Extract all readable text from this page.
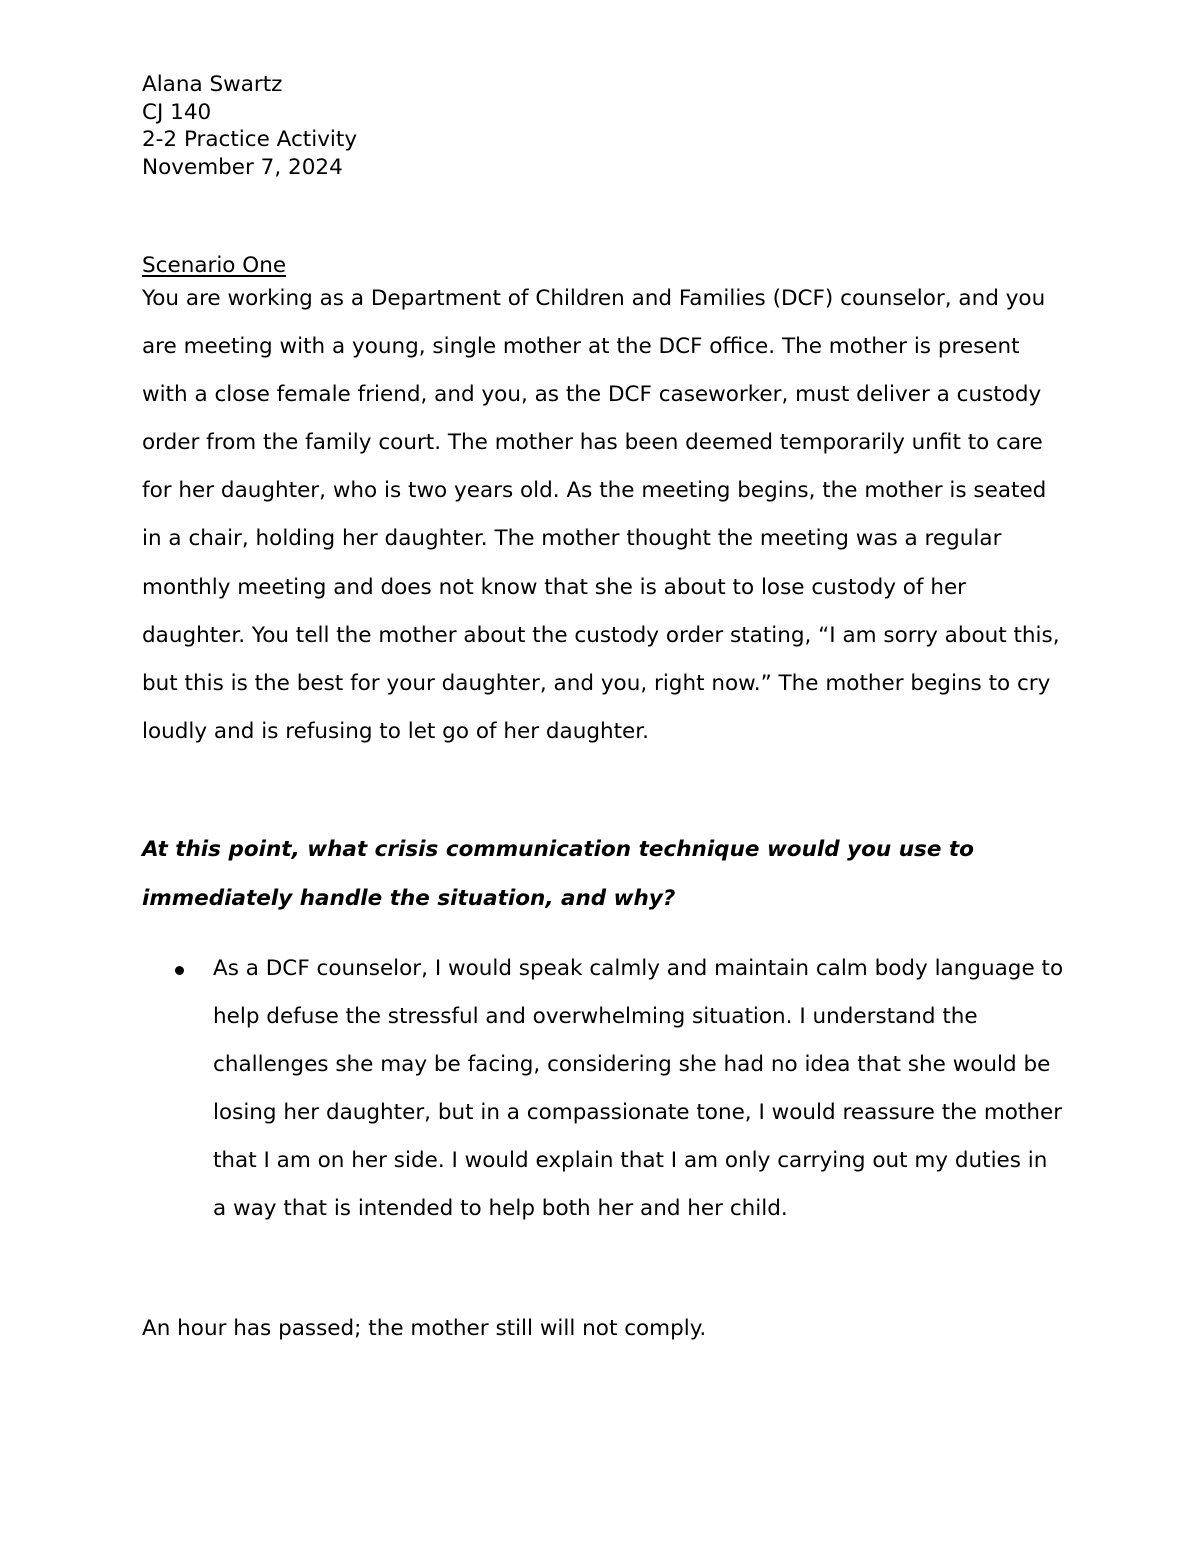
Alana Swartz
CJ 140
2-2 Practice Activity
November 7, 2024
Scenario One

You are working as a Department of Children and Families (DCF) counselor, and you are meeting with a young, single mother at the DCF office. The mother is present with a close female friend, and you, as the DCF caseworker, must deliver a custody order from the family court. The mother has been deemed temporarily unfit to care for her daughter, who is two years old. As the meeting begins, the mother is seated in a chair, holding her daughter. The mother thought the meeting was a regular monthly meeting and does not know that she is about to lose custody of her daughter. You tell the mother about the custody order stating, “I am sorry about this, but this is the best for your daughter, and you, right now.” The mother begins to cry loudly and is refusing to let go of her daughter.

At this point, what crisis communication technique would you use to immediately handle the situation, and why?

As a DCF counselor, I would speak calmly and maintain calm body language to help defuse the stressful and overwhelming situation. I understand the challenges she may be facing, considering she had no idea that she would be losing her daughter, but in a compassionate tone, I would reassure the mother that I am on her side. I would explain that I am only carrying out my duties in a way that is intended to help both her and her child.
An hour has passed; the mother still will not comply.
